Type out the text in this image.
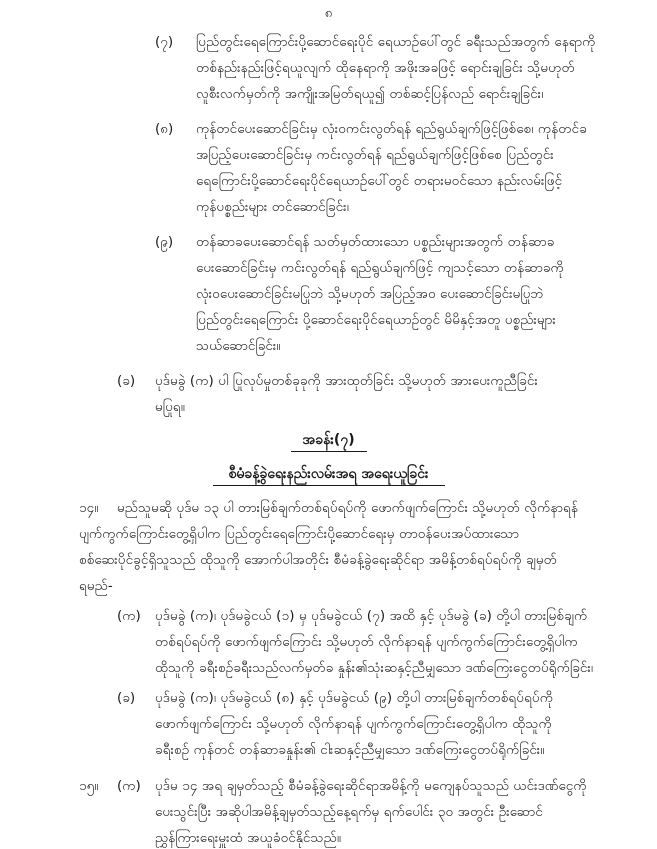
၈
(၇) ပြည်တွင်းရေကြောင်းပို့ဆောင်ရေးပိုင် ရေယာဉ်ပေါ်တွင် ခရီးသည်အတွက် နေရာကို
တစ်နည်းနည်းဖြင့်ရယူလျက် ထိုနေရာကို အဖိုးအခဖြင့် ရောင်းချခြင်း သို့မဟုတ်
လူစီးလက်မှတ်ကို အကျိုးအမြတ်ရယူ၍ တစ်ဆင့်ပြန်လည် ရောင်းချခြင်း၊
(၈) ကုန်တင်ပေးဆောင်ခြင်းမှ လုံးဝကင်းလွတ်ရန် ရည်ရွယ်ချက်ဖြင့်ဖြစ်စေ၊ ကုန်တင်ခ
အပြည့်ပေးဆောင်ခြင်းမှ ကင်းလွတ်ရန် ရည်ရွယ်ချက်ဖြင့်ဖြစ်စေ ပြည်တွင်း
ရေကြောင်းပို့ဆောင်ရေးပိုင်ရေယာဉ်ပေါ်တွင် တရားမဝင်သော နည်းလမ်းဖြင့်
ကုန်ပစ္စည်းများ တင်ဆောင်ခြင်း၊
(၉) တန်ဆာခပေးဆောင်ရန် သတ်မှတ်ထားသော ပစ္စည်းများအတွက် တန်ဆာခ
ပေးဆောင်ခြင်းမှ ကင်းလွတ်ရန် ရည်ရွယ်ချက်ဖြင့် ကျသင့်သော တန်ဆာခကို
လုံးဝပေးဆောင်ခြင်းမပြုဘဲ သို့မဟုတ် အပြည့်အဝ ပေးဆောင်ခြင်းမပြုဘဲ
ပြည်တွင်းရေကြောင်း ပို့ဆောင်ရေးပိုင်ရေယာဉ်တွင် မိမိနှင့်အတူ ပစ္စည်းများ
သယ်ဆောင်ခြင်း။
(ခ) ပုဒ်မခွဲ (က) ပါ ပြုလုပ်မှုတစ်ခုခုကို အားထုတ်ခြင်း သို့မဟုတ် အားပေးကူညီခြင်း
မပြုရ။
အခန်း(၇)
စီမံခန့်ခွဲရေးနည်းလမ်းအရ အရေးယူခြင်း
၁၄။ မည်သူမဆို ပုဒ်မ ၁၃ ပါ တားမြစ်ချက်တစ်ရပ်ရပ်ကို ဖောက်ဖျက်ကြောင်း သို့မဟုတ် လိုက်နာရန်
ပျက်ကွက်ကြောင်းတွေ့ရှိပါက ပြည်တွင်းရေကြောင်းပို့ဆောင်ရေးမှ တာဝန်ပေးအပ်ထားသော
စစ်ဆေးပိုင်ခွင့်ရှိသူသည် ထိုသူကို အောက်ပါအတိုင်း စီမံခန့်ခွဲရေးဆိုင်ရာ အမိန့်တစ်ရပ်ရပ်ကို ချမှတ်
ရမည်-
(က) ပုဒ်မခွဲ (က)၊ ပုဒ်မခွဲငယ် (၁) မှ ပုဒ်မခွဲငယ် (၇) အထိ နှင့် ပုဒ်မခွဲ (ခ) တို့ပါ တားမြစ်ချက်
တစ်ရပ်ရပ်ကို ဖောက်ဖျက်ကြောင်း သို့မဟုတ် လိုက်နာရန် ပျက်ကွက်ကြောင်းတွေ့ရှိပါက
ထိုသူကို ခရီးစဉ်ခရီးသည်လက်မှတ်ခ နှုန်း၏သုံးဆနှင့်ညီမျှသော ဒဏ်ကြေးငွေတပ်ရိုက်ခြင်း၊
(ခ) ပုဒ်မခွဲ (က)၊ ပုဒ်မခွဲငယ် (၈) နှင့် ပုဒ်မခွဲငယ် (၉) တို့ပါ တားမြစ်ချက်တစ်ရပ်ရပ်ကို
ဖောက်ဖျက်ကြောင်း သို့မဟုတ် လိုက်နာရန် ပျက်ကွက်ကြောင်းတွေ့ရှိပါက ထိုသူကို
ခရီးစဉ် ကုန်တင် တန်ဆာခနှုန်း၏ ငါးဆနှင့်ညီမျှသော ဒဏ်ကြေးငွေတပ်ရိုက်ခြင်း။
၁၅။ (က) ပုဒ်မ ၁၄ အရ ချမှတ်သည့် စီမံခန့်ခွဲရေးဆိုင်ရာအမိန့်ကို မကျေနပ်သူသည် ယင်းဒဏ်ငွေကို
ပေးသွင်းပြီး အဆိုပါအမိန့်ချမှတ်သည့်နေ့ရက်မှ ရက်ပေါင်း ၃၀ အတွင်း ဦးဆောင်
ညွှန်ကြားရေးမှူးထံ အယူခံဝင်နိုင်သည်။
